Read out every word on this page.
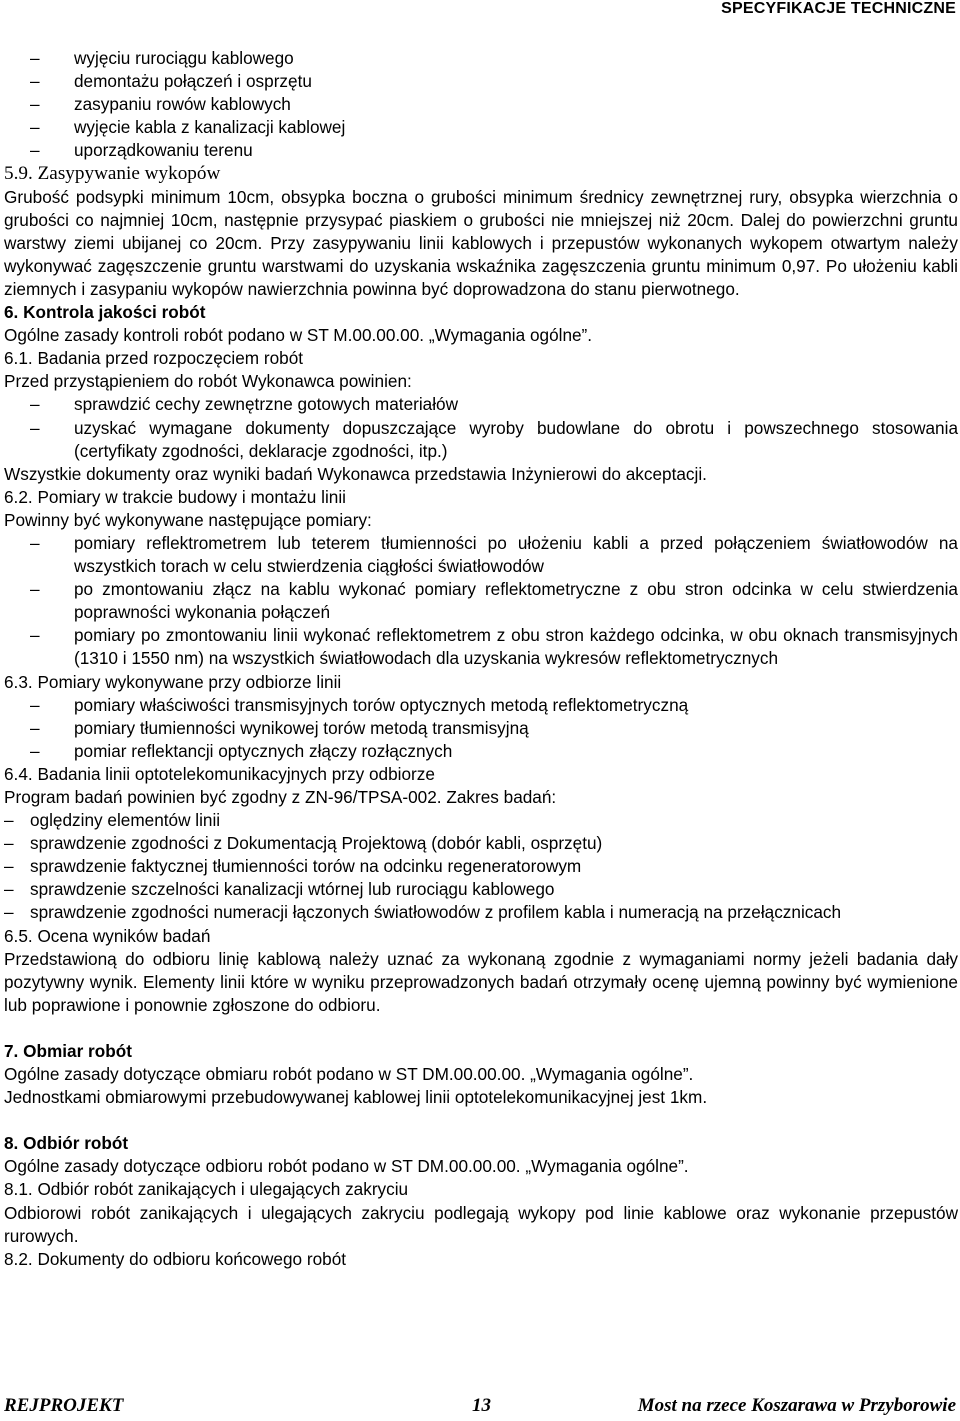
SPECYFIKACJE TECHNICZNE
– wyjęciu rurociągu kablowego
– demontażu połączeń i osprzętu
– zasypaniu rowów kablowych
– wyjęcie kabla z kanalizacji kablowej
– uporządkowaniu terenu

5.9. Zasypywanie wykopów

Grubość podsypki minimum 10cm, obsypka boczna o grubości minimum średnicy zewnętrznej rury, obsypka wierzchnia o grubości co najmniej 10cm, następnie przysypać piaskiem o grubości nie mniejszej niż 20cm. Dalej do powierzchni gruntu warstwy ziemi ubijanej co 20cm. Przy zasypywaniu linii kablowych i przepustów wykonanych wykopem otwartym należy wykonywać zagęszczenie gruntu warstwami do uzyskania wskaźnika zagęszczenia gruntu minimum 0,97. Po ułożeniu kabli ziemnych i zasypaniu wykopów nawierzchnia powinna być doprowadzona do stanu pierwotnego.

6. Kontrola jakości robót

Ogólne zasady kontroli robót podano w ST M.00.00.00. „Wymagania ogólne”.

6.1. Badania przed rozpoczęciem robót

Przed przystąpieniem do robót Wykonawca powinien:

– sprawdzić cechy zewnętrzne gotowych materiałów
– uzyskać wymagane dokumenty dopuszczające wyroby budowlane do obrotu i powszechnego stosowania (certyfikaty zgodności, deklaracje zgodności, itp.)

Wszystkie dokumenty oraz wyniki badań Wykonawca przedstawia Inżynierowi do akceptacji.

6.2. Pomiary w trakcie budowy i montażu linii

Powinny być wykonywane następujące pomiary:

– pomiary reflektrometrem lub teterem tłumienności po ułożeniu kabli a przed połączeniem światłowodów na wszystkich torach w celu stwierdzenia ciągłości światłowodów
– po zmontowaniu złącz na kablu wykonać pomiary reflektometryczne z obu stron odcinka w celu stwierdzenia poprawności wykonania połączeń
– pomiary po zmontowaniu linii wykonać reflektometrem z obu stron każdego odcinka, w obu oknach transmisyjnych (1310 i 1550 nm) na wszystkich światłowodach dla uzyskania wykresów reflektometrycznych

6.3. Pomiary wykonywane przy odbiorze linii

– pomiary właściwości transmisyjnych torów optycznych metodą reflektometryczną
– pomiary tłumienności wynikowej torów metodą transmisyjną
– pomiar reflektancji optycznych złączy rozłącznych

6.4. Badania linii optotelekomunikacyjnych przy odbiorze

Program badań powinien być zgodny z ZN-96/TPSA-002. Zakres badań:

– oględziny elementów linii
– sprawdzenie zgodności z Dokumentacją Projektową (dobór kabli, osprzętu)
– sprawdzenie faktycznej tłumienności torów na odcinku regeneratorowym
– sprawdzenie szczelności kanalizacji wtórnej lub rurociągu kablowego
– sprawdzenie zgodności numeracji łączonych światłowodów z profilem kabla i numeracją na przełącznicach

6.5. Ocena wyników badań

Przedstawioną do odbioru linię kablową należy uznać za wykonaną zgodnie z wymaganiami normy jeżeli badania dały pozytywny wynik. Elementy linii które w wyniku przeprowadzonych badań otrzymały ocenę ujemną powinny być wymienione lub poprawione i ponownie zgłoszone do odbioru.

7. Obmiar robót

Ogólne zasady dotyczące obmiaru robót podano w ST DM.00.00.00. „Wymagania ogólne”.

Jednostkami obmiarowymi przebudowywanej kablowej linii optotelekomunikacyjnej jest 1km.

8. Odbiór robót

Ogólne zasady dotyczące odbioru robót podano w ST DM.00.00.00. „Wymagania ogólne”.

8.1. Odbiór robót zanikających i ulegających zakryciu

Odbiorowi robót zanikających i ulegających zakryciu podlegają wykopy pod linie kablowe oraz wykonanie przepustów rurowych.

8.2. Dokumenty do odbioru końcowego robót

REJPROJEKT	13	Most na rzece Koszarawa w Przyborowie
